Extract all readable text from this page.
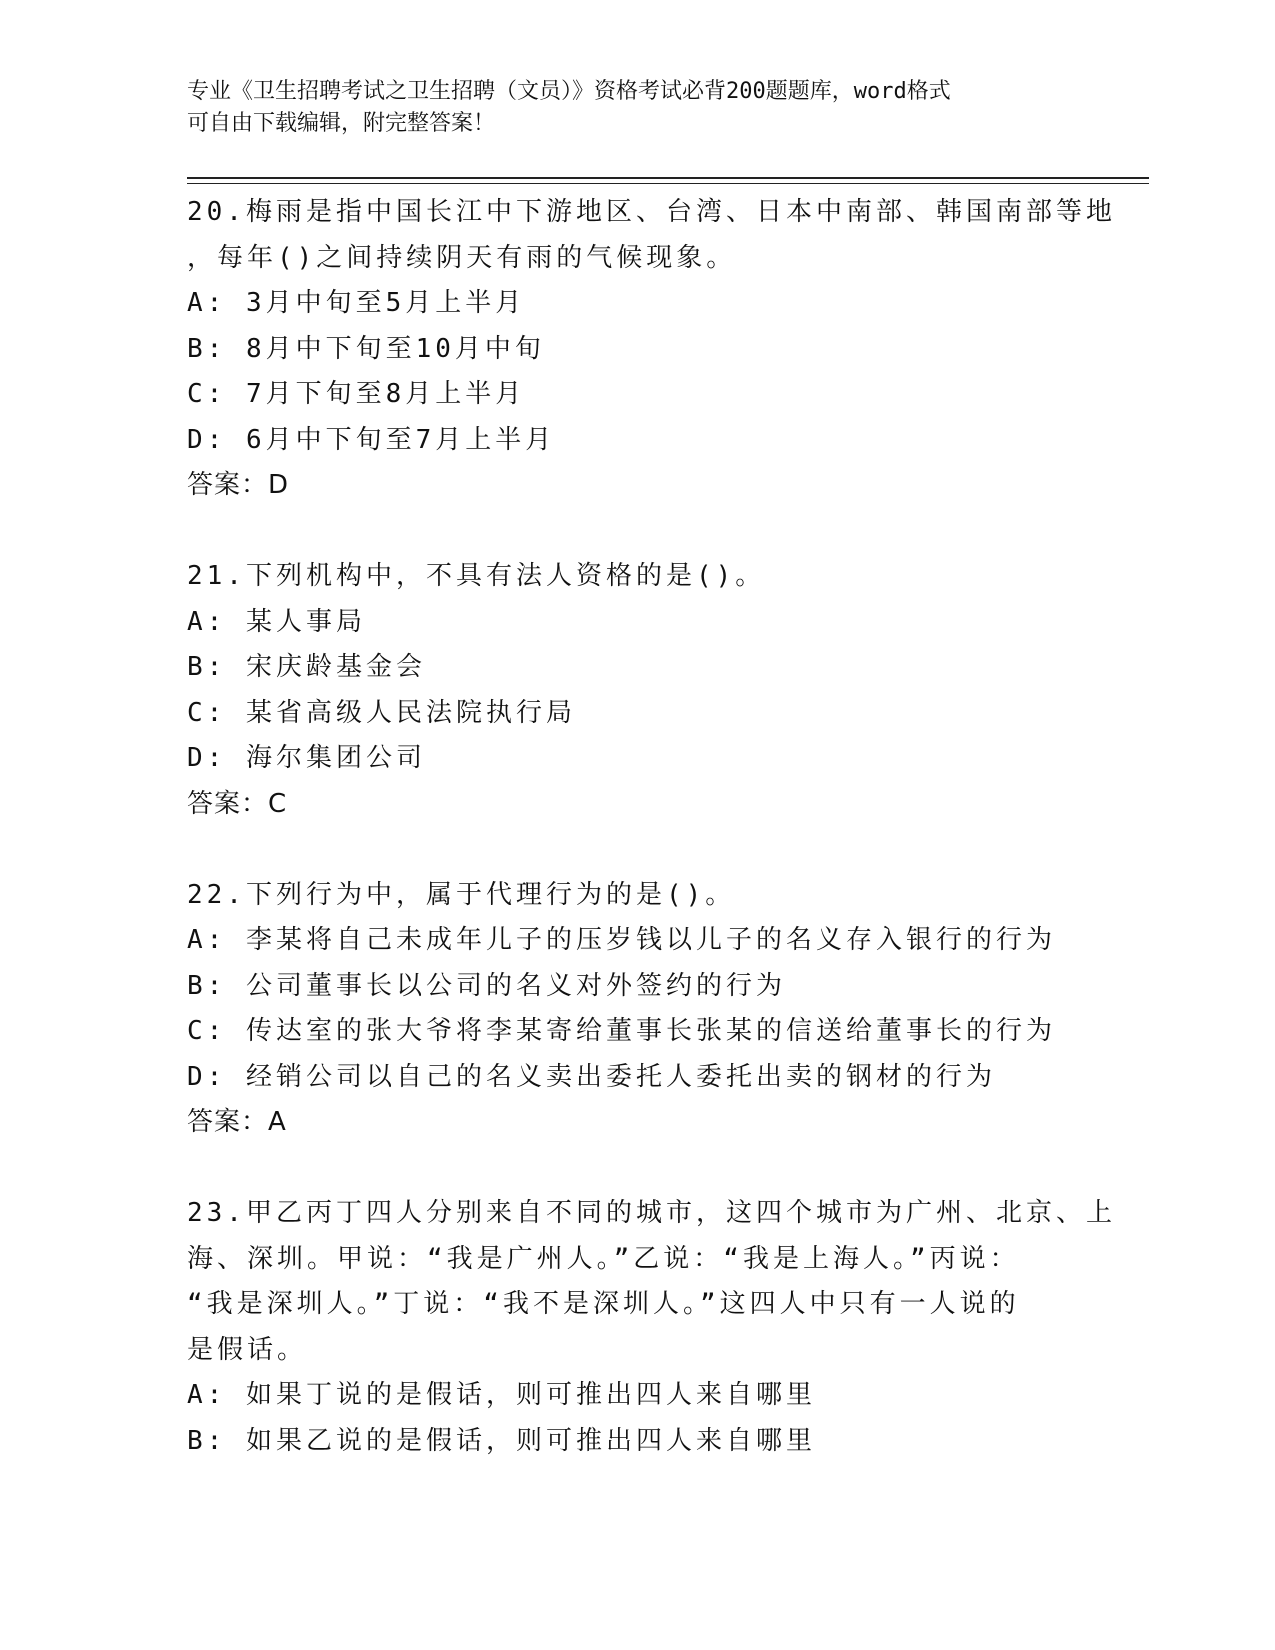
专业《卫生招聘考试之卫生招聘（文员）》资格考试必背200题题库，word格式
可自由下载编辑，附完整答案！
20.梅雨是指中国长江中下游地区、台湾、日本中南部、韩国南部等地
，每年()之间持续阴天有雨的气候现象。
A: 3月中旬至5月上半月
B: 8月中下旬至10月中旬
C: 7月下旬至8月上半月
D: 6月中下旬至7月上半月
答案：D
21.下列机构中，不具有法人资格的是()。
A: 某人事局
B: 宋庆龄基金会
C: 某省高级人民法院执行局
D: 海尔集团公司
答案：C
22.下列行为中，属于代理行为的是()。
A: 李某将自己未成年儿子的压岁钱以儿子的名义存入银行的行为
B: 公司董事长以公司的名义对外签约的行为
C: 传达室的张大爷将李某寄给董事长张某的信送给董事长的行为
D: 经销公司以自己的名义卖出委托人委托出卖的钢材的行为
答案：A
23.甲乙丙丁四人分别来自不同的城市，这四个城市为广州、北京、上
海、深圳。甲说：“我是广州人。”乙说：“我是上海人。”丙说：
“我是深圳人。”丁说：“我不是深圳人。”这四人中只有一人说的
是假话。
A: 如果丁说的是假话，则可推出四人来自哪里
B: 如果乙说的是假话，则可推出四人来自哪里
